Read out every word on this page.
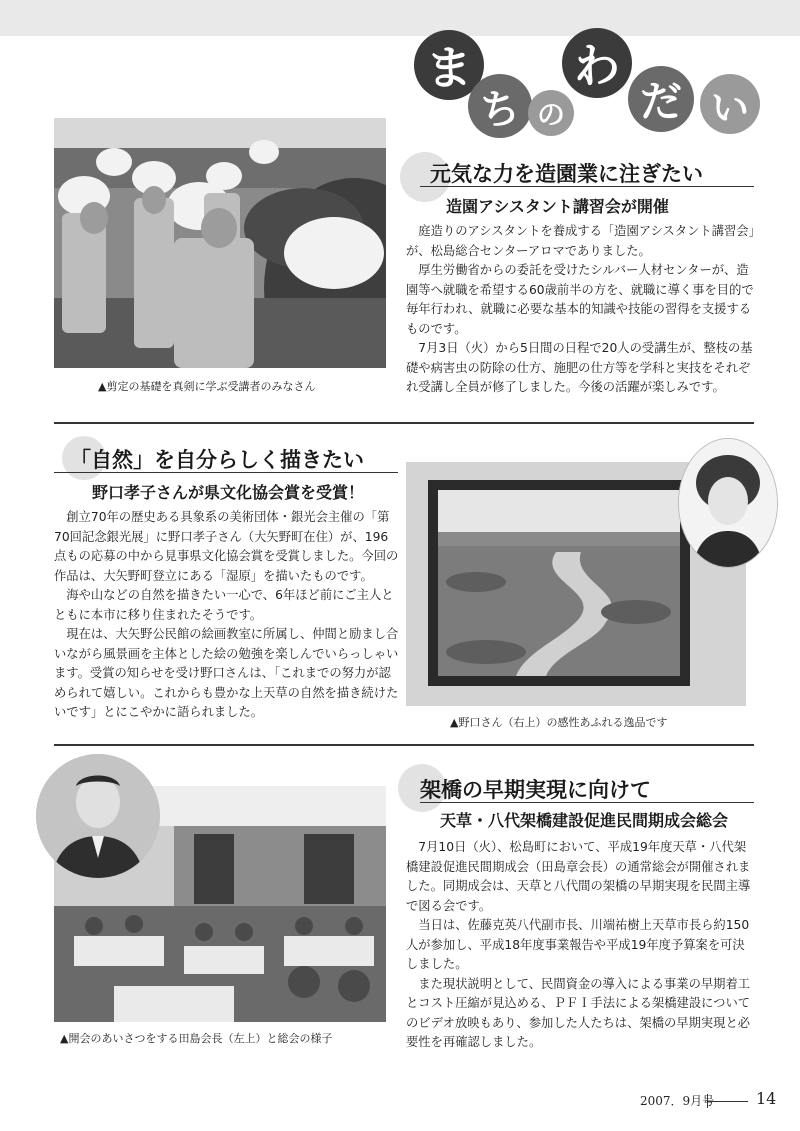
ま
ち の
わ
だ い
▲剪定の基礎を真剣に学ぶ受講者のみなさん
元気な力を造園業に注ぎたい
造園アシスタント講習会が開催

庭造りのアシスタントを養成する「造園アシスタント講習会」が、松島総合センターアロマでありました。

厚生労働省からの委託を受けたシルバー人材センターが、造園等へ就職を希望する60歳前半の方を、就職に導く事を目的で毎年行われ、就職に必要な基本的知識や技能の習得を支援するものです。

7月3日（火）から5日間の日程で20人の受講生が、整枝の基礎や病害虫の防除の仕方、施肥の仕方等を学科と実技をそれぞれ受講し全員が修了しました。今後の活躍が楽しみです。

「自然」を自分らしく描きたい
野口孝子さんが県文化協会賞を受賞！

創立70年の歴史ある具象系の美術団体・銀光会主催の「第70回記念銀光展」に野口孝子さん（大矢野町在住）が、196点もの応募の中から見事県文化協会賞を受賞しました。今回の作品は、大矢野町登立にある「湿原」を描いたものです。

海や山などの自然を描きたい一心で、6年ほど前にご主人とともに本市に移り住まれたそうです。

現在は、大矢野公民館の絵画教室に所属し、仲間と励まし合いながら風景画を主体とした絵の勉強を楽しんでいらっしゃいます。受賞の知らせを受け野口さんは、「これまでの努力が認められて嬉しい。これからも豊かな上天草の自然を描き続けたいです」とにこやかに語られました。

▲野口さん（右上）の感性あふれる逸品です
▲開会のあいさつをする田島会長（左上）と総会の様子
架橋の早期実現に向けて
天草・八代架橋建設促進民間期成会総会

7月10日（火）、松島町において、平成19年度天草・八代架橋建設促進民間期成会（田島章会長）の通常総会が開催されました。同期成会は、天草と八代間の架橋の早期実現を民間主導で図る会です。

当日は、佐藤克英八代副市長、川端祐樹上天草市長ら約150人が参加し、平成18年度事業報告や平成19年度予算案を可決しました。

また現状説明として、民間資金の導入による事業の早期着工とコスト圧縮が見込める、ＰＦＩ手法による架橋建設についてのビデオ放映もあり、参加した人たちは、架橋の早期実現と必要性を再確認しました。

2007．9月号	14
